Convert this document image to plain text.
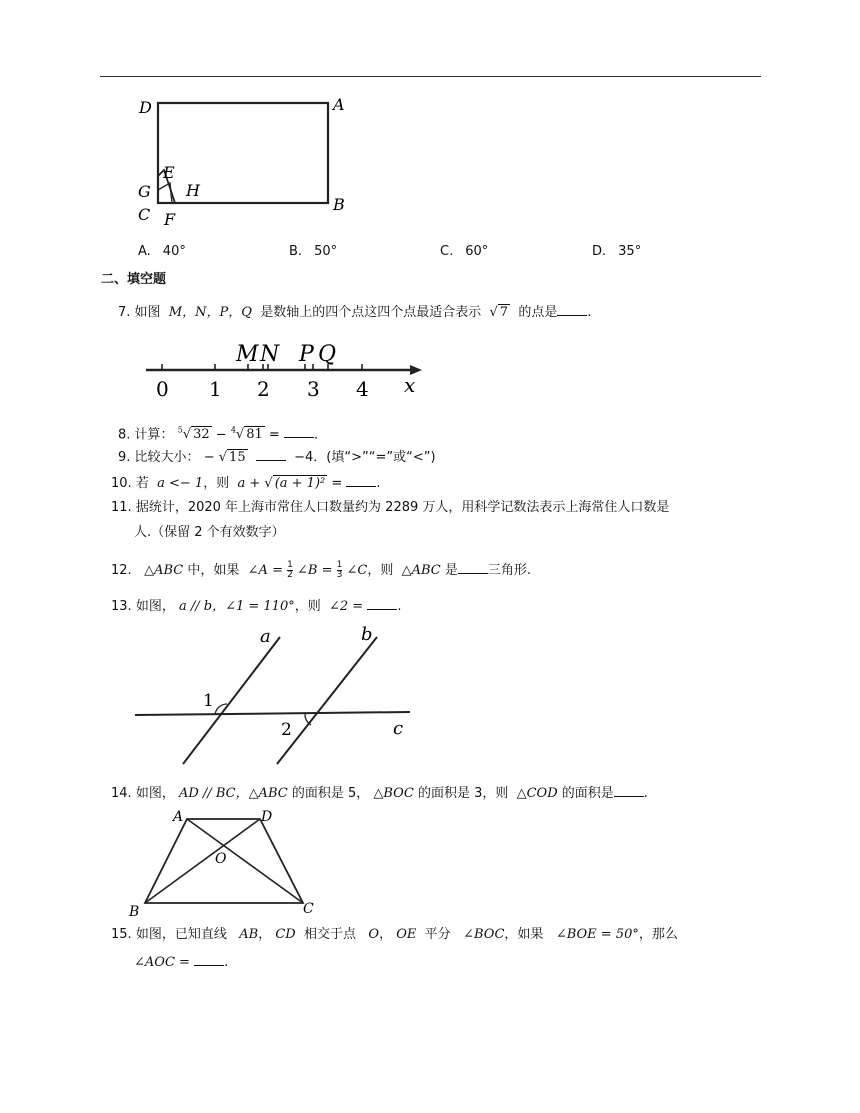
D	A
E
G H
C F
B
A. 40°	B. 50°	C. 60°	D. 35°
二、填空题
7. 如图 M，N，P，Q 是数轴上的四个点这四个点最适合表示 √ 7 的点是 .
0 1 2 3 4
M N P Q
x
8. 计算： $^5$√ 32 − $^4$√ 81 =	.
9. 比较大小： − √ 15	−4．(填“>”“=”或“<”)
10. 若 a <− 1，则 a + √ (a + 1)² =	.
11. 据统计，2020 年上海市常住人口数量约为 2289 万人，用科学记数法表示上海常住人口数是
人.（保留 2 个有效数字）
12. △ABC 中，如果 ∠A = $\frac{1}{2}$ ∠B = $\frac{1}{3}$ ∠C，则 △ABC 是 三角形.
13. 如图， a // b，∠1 = 110°，则 ∠2 =	.
a	b
c
1
2
14. 如图， AD // BC，△ABC 的面积是 5， △BOC 的面积是 3，则 △COD 的面积是 .
A	D
O
B	C
15. 如图，已知直线 AB， CD 相交于点 O， OE 平分 ∠BOC，如果 ∠BOE = 50°，那么
∠AOC =	.
